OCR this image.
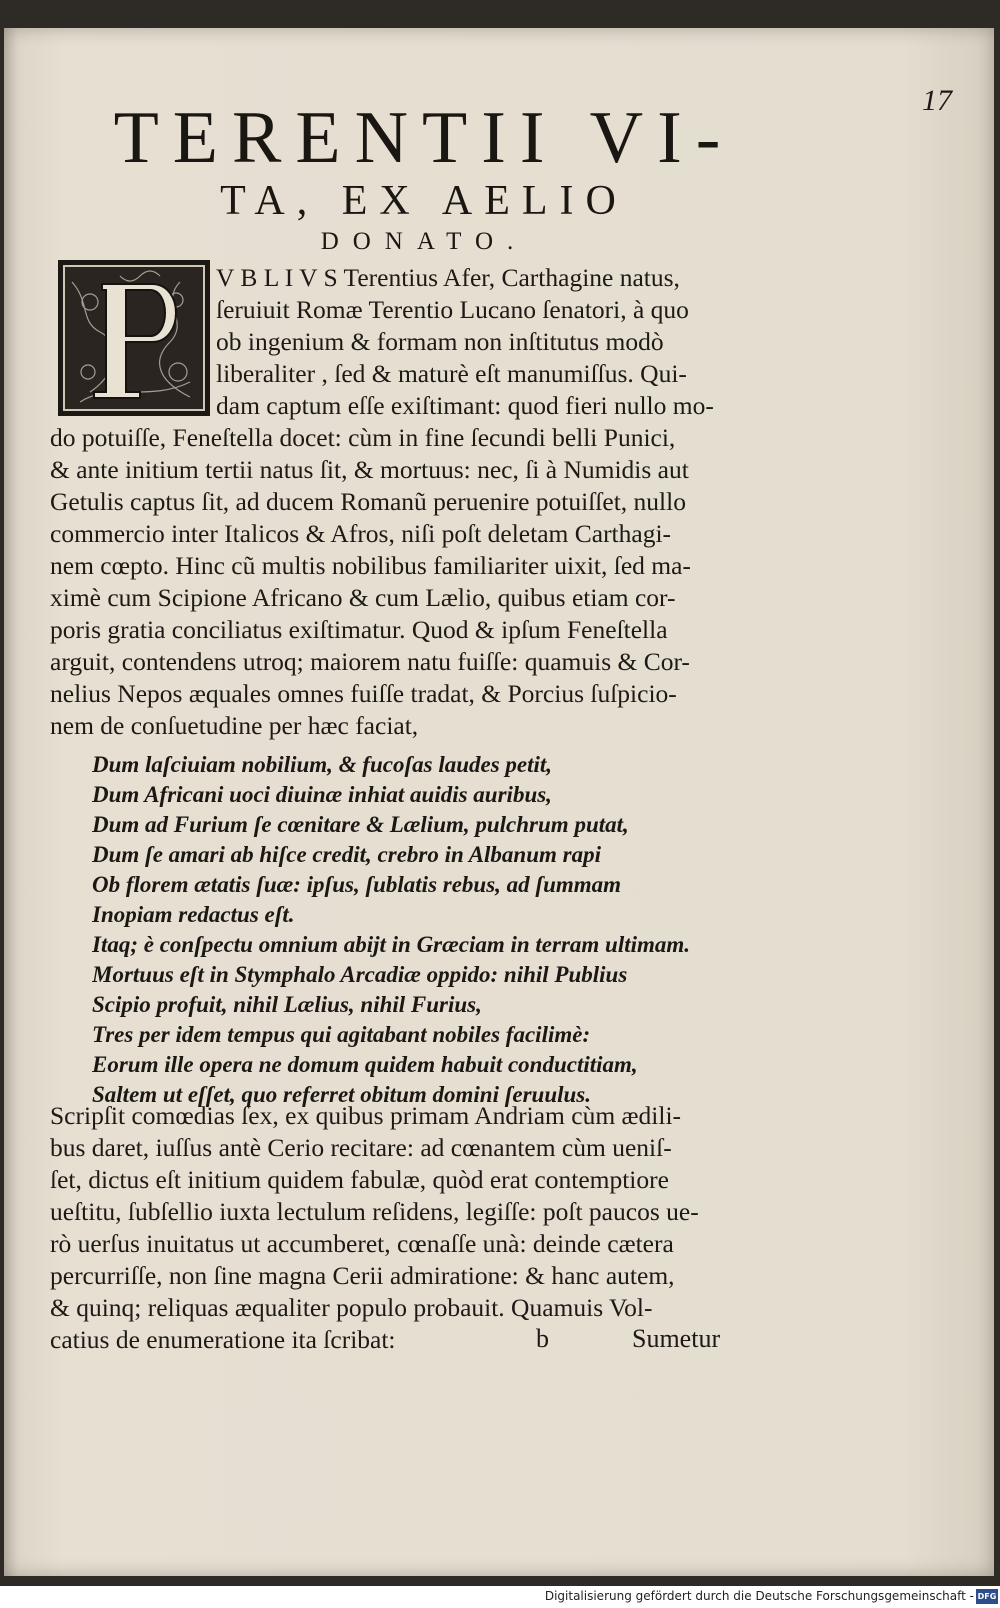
17
TERENTII VI-
TA, EX AELIO
DONATO.
V B L I V S Terentius Afer, Carthagine natus,
ſeruiuit Romæ Terentio Lucano ſenatori, à quo
ob ingenium & formam non inſtitutus modò
liberaliter , ſed & maturè eſt manumiſſus. Qui-
dam captum eſſe exiſtimant: quod fieri nullo mo-
do potuiſſe, Feneſtella docet: cùm in fine ſecundi belli Punici,
& ante initium tertii natus ſit, & mortuus: nec, ſi à Numidis aut
Getulis captus ſit, ad ducem Romanũ peruenire potuiſſet, nullo
commercio inter Italicos & Afros, niſi poſt deletam Carthagi-
nem cœpto. Hinc cũ multis nobilibus familiariter uixit, ſed ma-
ximè cum Scipione Africano & cum Lælio, quibus etiam cor-
poris gratia conciliatus exiſtimatur. Quod & ipſum Feneſtella
arguit, contendens utroq; maiorem natu fuiſſe: quamuis & Cor-
nelius Nepos æquales omnes fuiſſe tradat, & Porcius ſuſpicio-
nem de conſuetudine per hæc faciat,
Dum laſciuiam nobilium, & fucoſas laudes petit,
Dum Africani uoci diuinæ inhiat auidis auribus,
Dum ad Furium ſe cœnitare & Lælium, pulchrum putat,
Dum ſe amari ab hiſce credit, crebro in Albanum rapi
Ob florem ætatis ſuæ: ipſus, ſublatis rebus, ad ſummam
Inopiam redactus eſt.
Itaq; è conſpectu omnium abijt in Græciam in terram ultimam.
Mortuus eſt in Stymphalo Arcadiæ oppido: nihil Publius
Scipio profuit, nihil Lælius, nihil Furius,
Tres per idem tempus qui agitabant nobiles facilimè:
Eorum ille opera ne domum quidem habuit conductitiam,
Saltem ut eſſet, quo referret obitum domini ſeruulus.
Scripſit comœdias ſex, ex quibus primam Andriam cùm ædili-
bus daret, iuſſus antè Cerio recitare: ad cœnantem cùm ueniſ-
ſet, dictus eſt initium quidem fabulæ, quòd erat contemptiore
ueſtitu, ſubſellio iuxta lectulum reſidens, legiſſe: poſt paucos ue-
rò uerſus inuitatus ut accumberet, cœnaſſe unà: deinde cætera
percurriſſe, non ſine magna Cerii admiratione: & hanc autem,
& quinq; reliquas æqualiter populo probauit. Quamuis Vol-
catius de enumeratione ita ſcribat:	b	Sumetur
Digitalisierung gefördert durch die Deutsche Forschungsgemeinschaft - DFG
